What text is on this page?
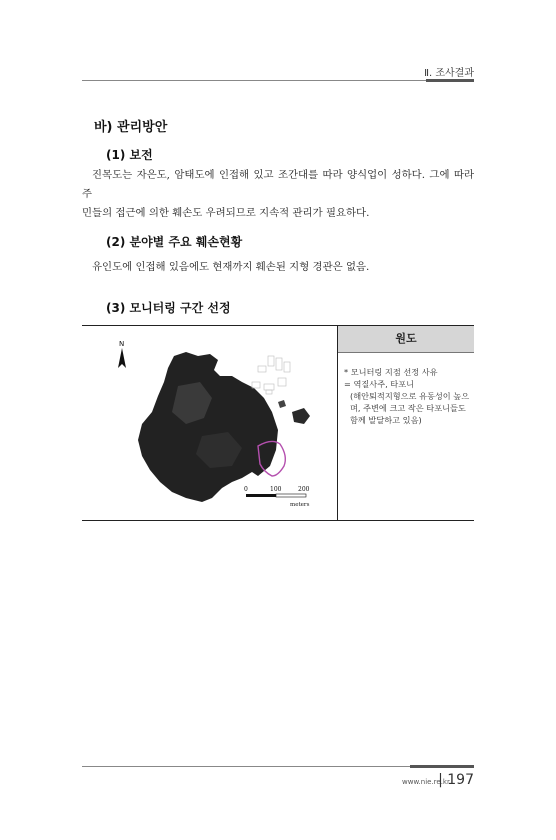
Ⅱ. 조사결과
바) 관리방안
(1) 보전
진목도는 자은도, 암태도에 인접해 있고 조간대를 따라 양식업이 성하다. 그에 따라 주
민들의 접근에 의한 훼손도 우려되므로 지속적 관리가 필요하다.
(2) 분야별 주요 훼손현황
유인도에 인접해 있음에도 현재까지 훼손된 지형 경관은 없음.
(3) 모니터링 구간 선정
N
0	100	200
meters
원도
* 모니터링 지점 선정 사유
= 역질사주, 타포니
(해안퇴적지형으로 유동성이 높으
며, 주변에 크고 작은 타포니들도
함께 발달하고 있음)
www.nie.re.kr
| 197
